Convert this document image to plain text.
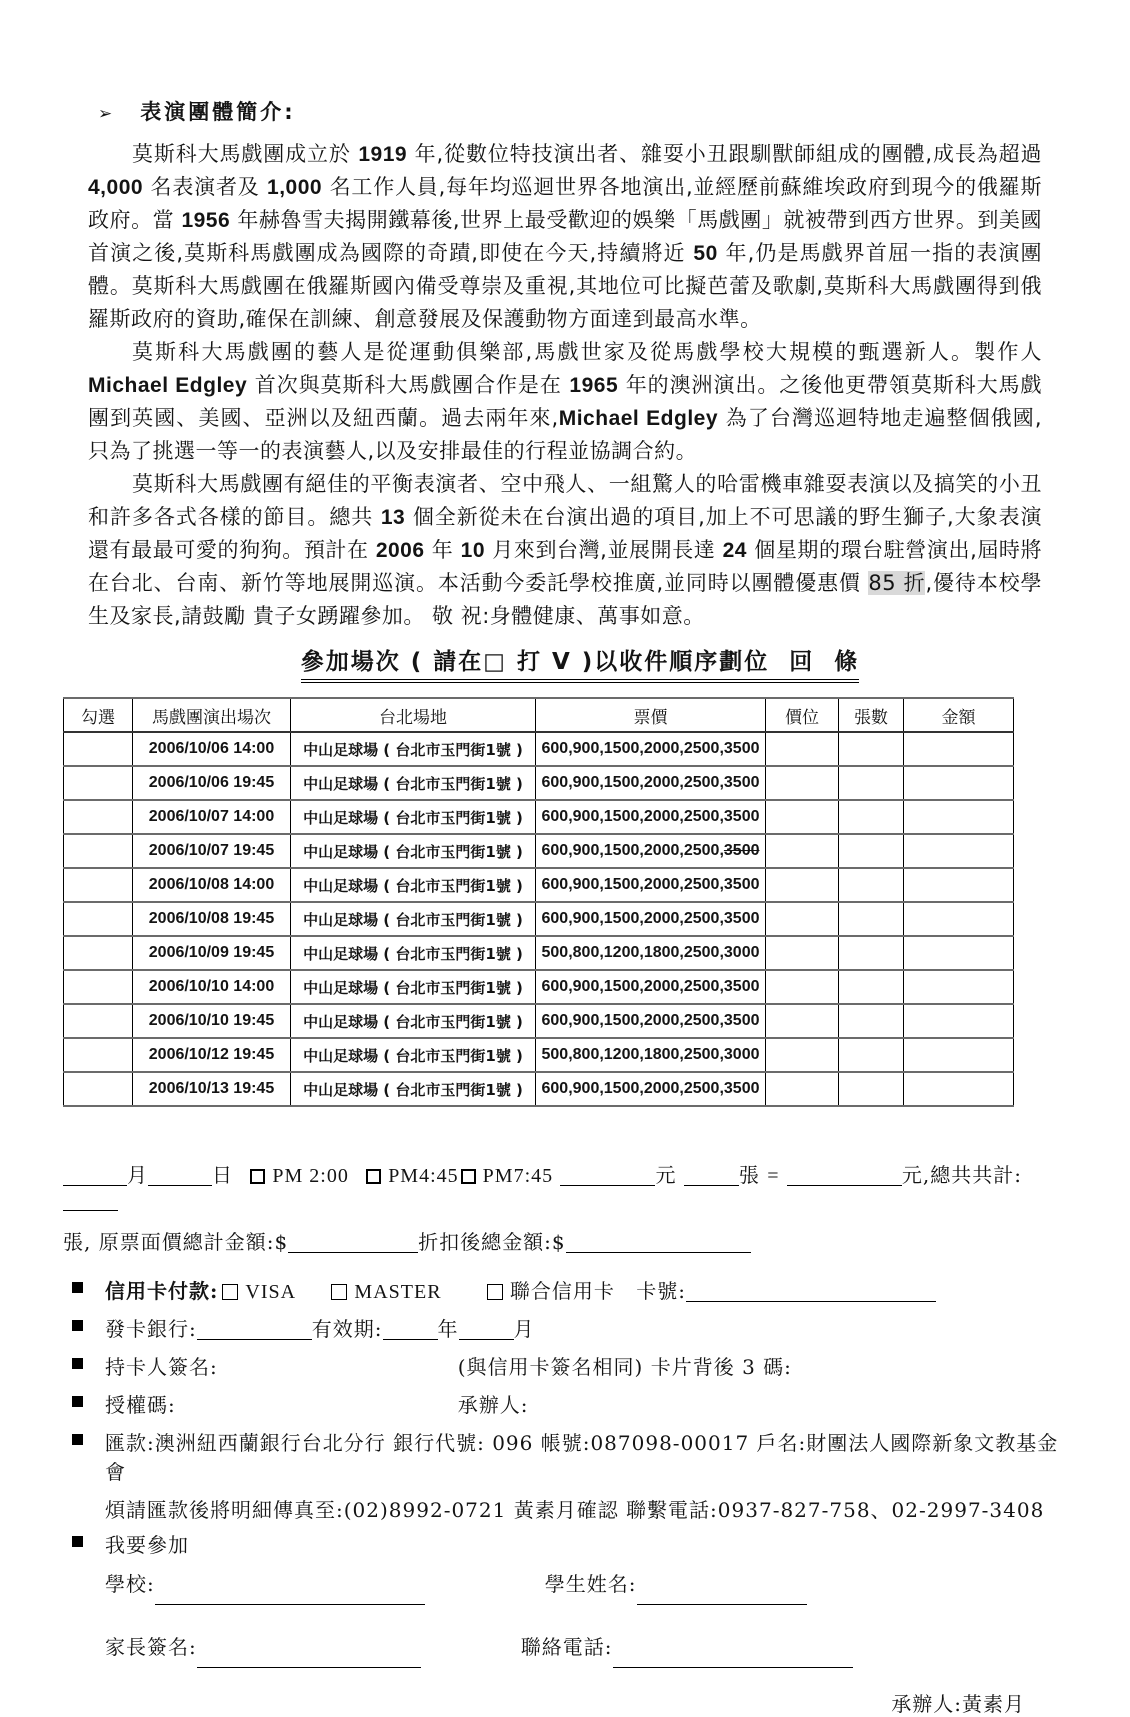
➢ 表演團體簡介:

莫斯科大馬戲團成立於 1919 年,從數位特技演出者、雜耍小丑跟馴獸師組成的團體,成長為超過 4,000 名表演者及 1,000 名工作人員,每年均巡迴世界各地演出,並經歷前蘇維埃政府到現今的俄羅斯政府。當 1956 年赫魯雪夫揭開鐵幕後,世界上最受歡迎的娛樂「馬戲團」就被帶到西方世界。到美國首演之後,莫斯科馬戲團成為國際的奇蹟,即使在今天,持續將近 50 年,仍是馬戲界首屈一指的表演團體。莫斯科大馬戲團在俄羅斯國內備受尊崇及重視,其地位可比擬芭蕾及歌劇,莫斯科大馬戲團得到俄羅斯政府的資助,確保在訓練、創意發展及保護動物方面達到最高水準。

莫斯科大馬戲團的藝人是從運動俱樂部,馬戲世家及從馬戲學校大規模的甄選新人。製作人 Michael Edgley 首次與莫斯科大馬戲團合作是在 1965 年的澳洲演出。之後他更帶領莫斯科大馬戲團到英國、美國、亞洲以及紐西蘭。過去兩年來,Michael Edgley 為了台灣巡迴特地走遍整個俄國,只為了挑選一等一的表演藝人,以及安排最佳的行程並協調合約。

莫斯科大馬戲團有絕佳的平衡表演者、空中飛人、一組驚人的哈雷機車雜耍表演以及搞笑的小丑和許多各式各樣的節目。總共 13 個全新從未在台演出過的項目,加上不可思議的野生獅子,大象表演還有最最可愛的狗狗。預計在 2006 年 10 月來到台灣,並展開長達 24 個星期的環台駐營演出,屆時將在台北、台南、新竹等地展開巡演。本活動今委託學校推廣,並同時以團體優惠價 85 折,優待本校學生及家長,請鼓勵 貴子女踴躍參加。 敬 祝:身體健康、萬事如意。

參加場次 ( 請在□ 打 V )以收件順序劃位  回  條
勾選	馬戲團演出場次	台北場地	票價	價位	張數	金額
	2006/10/06 14:00	中山足球場 ( 台北市玉門街1號 )	600,900,1500,2000,2500,3500			
	2006/10/06 19:45	中山足球場 ( 台北市玉門街1號 )	600,900,1500,2000,2500,3500			
	2006/10/07 14:00	中山足球場 ( 台北市玉門街1號 )	600,900,1500,2000,2500,3500			
	2006/10/07 19:45	中山足球場 ( 台北市玉門街1號 )	600,900,1500,2000,2500,3500			
	2006/10/08 14:00	中山足球場 ( 台北市玉門街1號 )	600,900,1500,2000,2500,3500			
	2006/10/08 19:45	中山足球場 ( 台北市玉門街1號 )	600,900,1500,2000,2500,3500			
	2006/10/09 19:45	中山足球場 ( 台北市玉門街1號 )	500,800,1200,1800,2500,3000			
	2006/10/10 14:00	中山足球場 ( 台北市玉門街1號 )	600,900,1500,2000,2500,3500			
	2006/10/10 19:45	中山足球場 ( 台北市玉門街1號 )	600,900,1500,2000,2500,3500			
	2006/10/12 19:45	中山足球場 ( 台北市玉門街1號 )	500,800,1200,1800,2500,3000			
	2006/10/13 19:45	中山足球場 ( 台北市玉門街1號 )	600,900,1500,2000,2500,3500			
月	日 PM 2:00 PM4:45 PM7:45	元	張 =	元,總共共計:
張, 原票面價總計金額:$	折扣後總金額:$
信用卡付款: VISA	MASTER	聯合信用卡 卡號:
發卡銀行:	有效期:	年	月
持卡人簽名:	(與信用卡簽名相同) 卡片背後 3 碼:
授權碼:	承辦人:
匯款:澳洲紐西蘭銀行台北分行 銀行代號: 096 帳號:087098-00017 戶名:財團法人國際新象文教基金會
煩請匯款後將明細傳真至:(02)8992-0721 黃素月確認 聯繫電話:0937-827-758、02-2997-3408
我要參加
學校:	學生姓名:
家長簽名:	聯絡電話:
承辦人:黃素月
